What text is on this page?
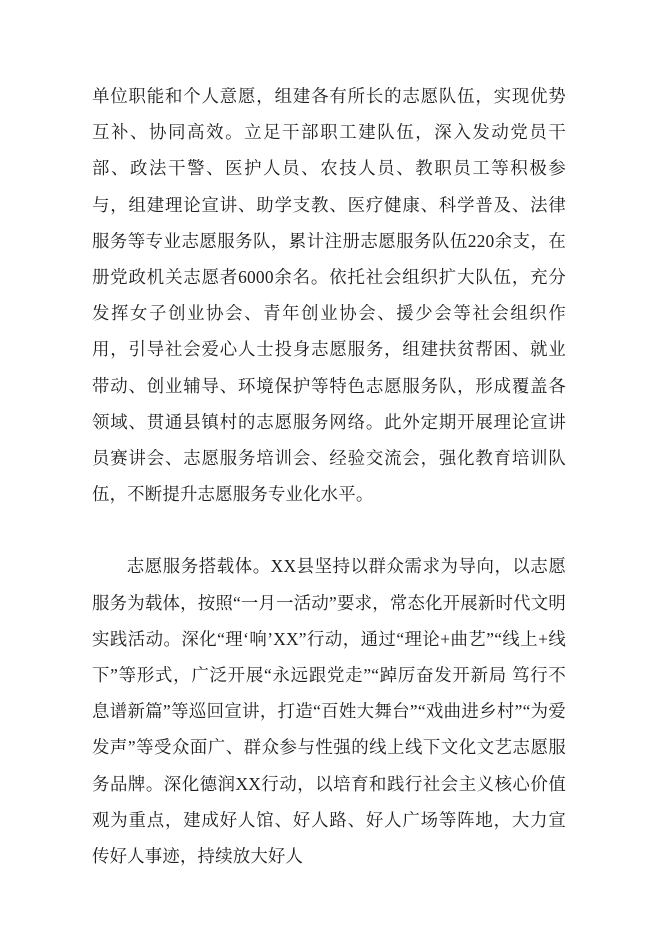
单位职能和个人意愿，组建各有所长的志愿队伍，实现优势互补、协同高效。立足干部职工建队伍，深入发动党员干部、政法干警、医护人员、农技人员、教职员工等积极参与，组建理论宣讲、助学支教、医疗健康、科学普及、法律服务等专业志愿服务队，累计注册志愿服务队伍220余支，在册党政机关志愿者6000余名。依托社会组织扩大队伍，充分发挥女子创业协会、青年创业协会、援少会等社会组织作用，引导社会爱心人士投身志愿服务，组建扶贫帮困、就业带动、创业辅导、环境保护等特色志愿服务队，形成覆盖各领域、贯通县镇村的志愿服务网络。此外定期开展理论宣讲员赛讲会、志愿服务培训会、经验交流会，强化教育培训队伍，不断提升志愿服务专业化水平。

志愿服务搭载体。XX县坚持以群众需求为导向，以志愿服务为载体，按照“一月一活动”要求，常态化开展新时代文明实践活动。深化“理‘响’XX”行动，通过“理论+曲艺”“线上+线下”等形式，广泛开展“永远跟党走”“踔厉奋发开新局 笃行不息谱新篇”等巡回宣讲，打造“百姓大舞台”“戏曲进乡村”“为爱发声”等受众面广、群众参与性强的线上线下文化文艺志愿服务品牌。深化德润XX行动，以培育和践行社会主义核心价值观为重点，建成好人馆、好人路、好人广场等阵地，大力宣传好人事迹，持续放大好人
